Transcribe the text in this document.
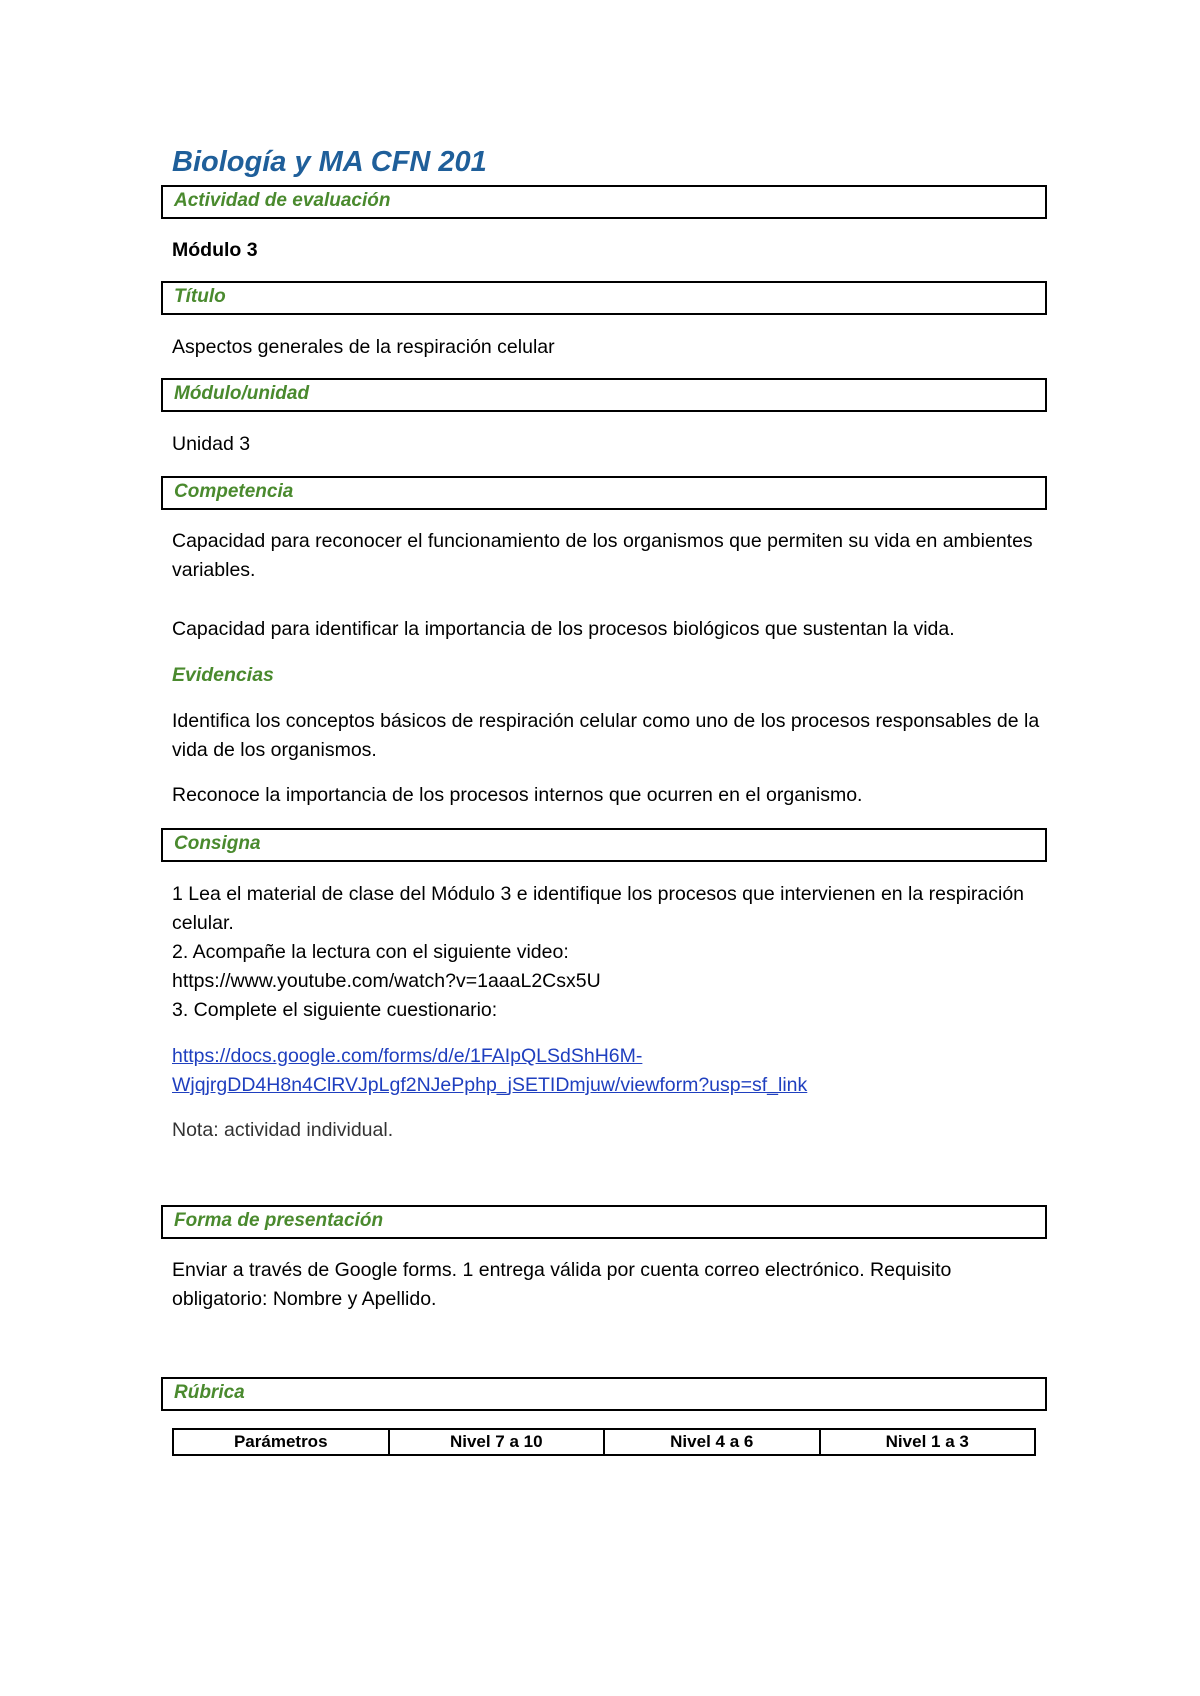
Biología y MA CFN 201
Actividad de evaluación

Módulo 3

Título

Aspectos generales de la respiración celular

Módulo/unidad

Unidad 3

Competencia

Capacidad para reconocer el funcionamiento de los organismos que permiten su vida en ambientes variables.

Capacidad para identificar la importancia de los procesos biológicos que sustentan la vida.

Evidencias

Identifica los conceptos básicos de respiración celular como uno de los procesos responsables de la vida de los organismos.

Reconoce la importancia de los procesos internos que ocurren en el organismo.

Consigna

1 Lea el material de clase del Módulo 3 e identifique los procesos que intervienen en la respiración celular.

2. Acompañe la lectura con el siguiente video:

https://www.youtube.com/watch?v=1aaaL2Csx5U

3. Complete el siguiente cuestionario:

https://docs.google.com/forms/d/e/1FAIpQLSdShH6M-
WjqjrgDD4H8n4ClRVJpLgf2NJePphp_jSETIDmjuw/viewform?usp=sf_link

Nota: actividad individual.

Forma de presentación

Enviar a través de Google forms. 1 entrega válida por cuenta correo electrónico. Requisito obligatorio: Nombre y Apellido.

Rúbrica
Parámetros	Nivel 7 a 10	Nivel 4 a 6	Nivel 1 a 3
